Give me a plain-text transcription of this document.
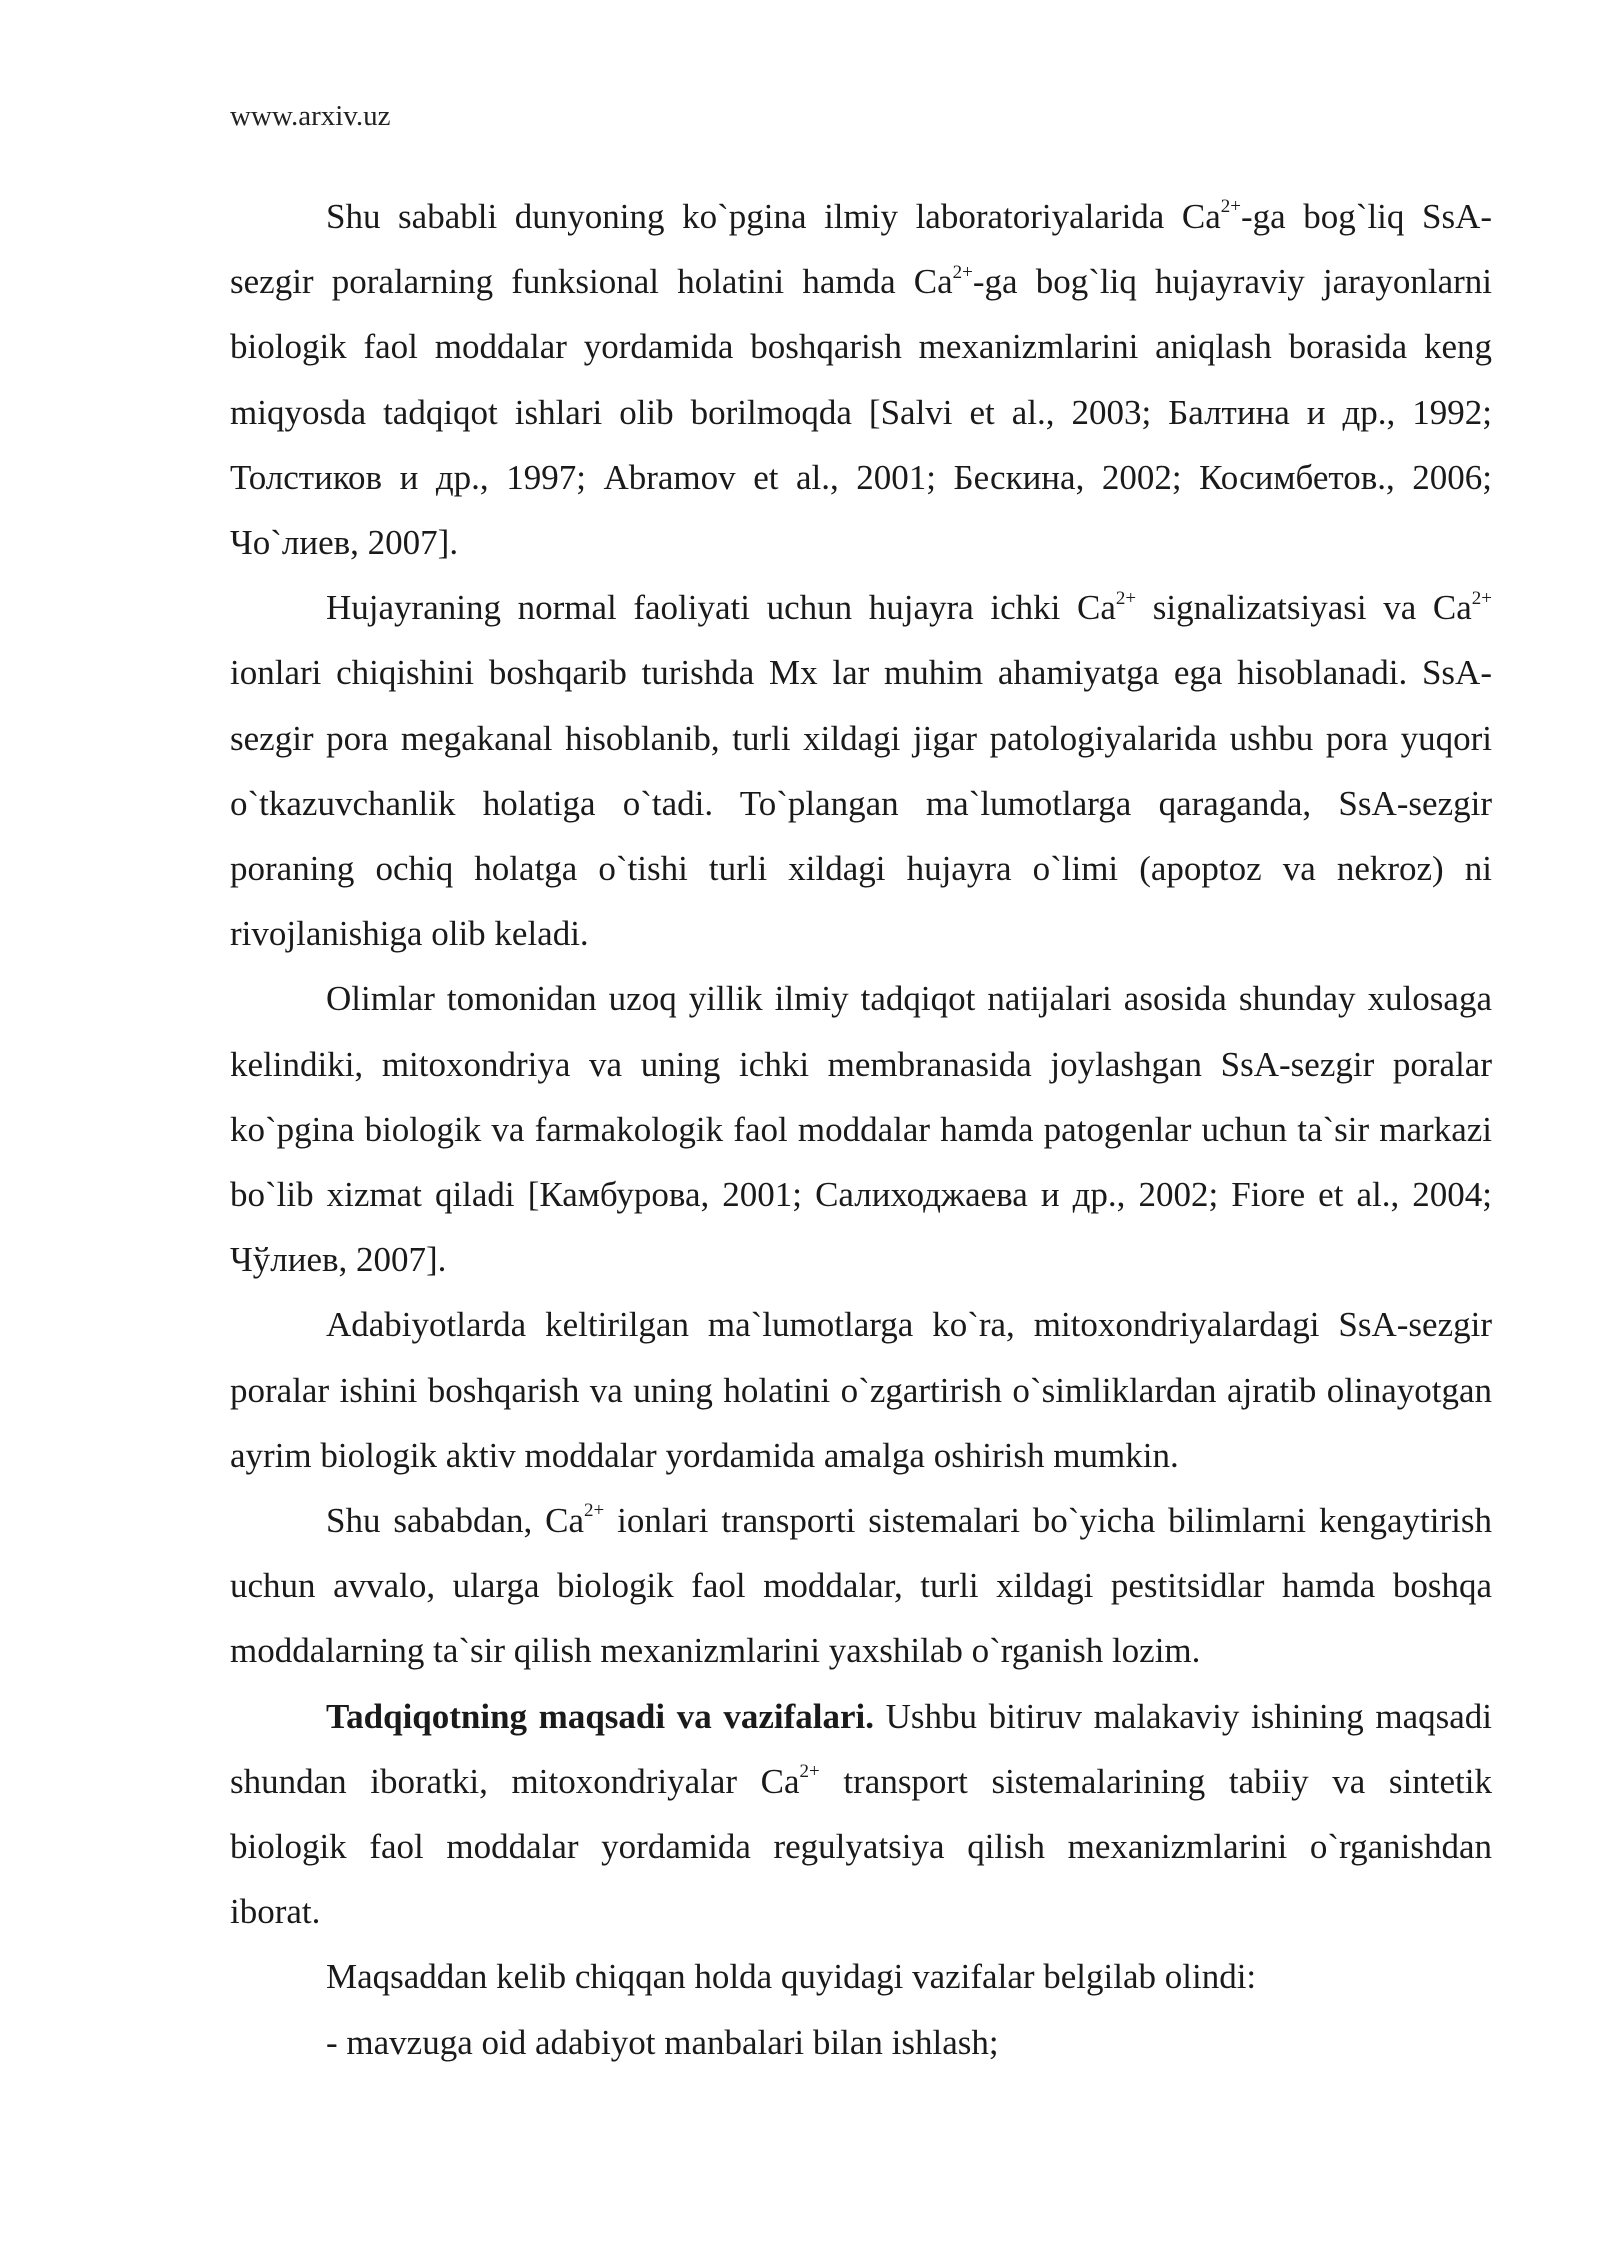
www.arxiv.uz

Shu sababli dunyoning ko`pgina ilmiy laboratoriyalarida $Ca^{2+}-ga$ bog`liq SsA-sezgir poralarning funksional holatini hamda $Ca^{2+}-ga$ bog`liq hujayraviy jarayonlarni biologik faol moddalar yordamida boshqarish mexanizmlarini aniqlash borasida keng miqyosda tadqiqot ishlari olib borilmoqda [Salvi et al., 2003; Балтина и др., 1992; Толстиков и др., 1997; Abramov et al., 2001; Бескина, 2002; Косимбетов., 2006; Чо`лиев, 2007].

Hujayraning normal faoliyati uchun hujayra ichki $Ca^{2+}$ signalizatsiyasi va $Ca^{2+}$ ionlari chiqishini boshqarib turishda Mx lar muhim ahamiyatga ega hisoblanadi. SsA-sezgir pora megakanal hisoblanib, turli xildagi jigar patologiyalarida ushbu pora yuqori o`tkazuvchanlik holatiga o`tadi. To`plangan ma`lumotlarga qaraganda, SsA-sezgir poraning ochiq holatga o`tishi turli xildagi hujayra o`limi (apoptoz va nekroz) ni rivojlanishiga olib keladi.

Olimlar tomonidan uzoq yillik ilmiy tadqiqot natijalari asosida shunday xulosaga kelindiki, mitoxondriya va uning ichki membranasida joylashgan SsA-sezgir poralar ko`pgina biologik va farmakologik faol moddalar hamda patogenlar uchun ta`sir markazi bo`lib xizmat qiladi [Камбурова, 2001; Салиходжаева и др., 2002; Fiore et al., 2004; Чўлиев, 2007].

Adabiyotlarda keltirilgan ma`lumotlarga ko`ra, mitoxondriyalardagi SsA-sezgir poralar ishini boshqarish va uning holatini o`zgartirish o`simliklardan ajratib olinayotgan ayrim biologik aktiv moddalar yordamida amalga oshirish mumkin.

Shu sababdan, $Ca^{2+}$ ionlari transporti sistemalari bo`yicha bilimlarni kengaytirish uchun avvalo, ularga biologik faol moddalar, turli xildagi pestitsidlar hamda boshqa moddalarning ta`sir qilish mexanizmlarini yaxshilab o`rganish lozim.

Tadqiqotning maqsadi va vazifalari. Ushbu bitiruv malakaviy ishining maqsadi shundan iboratki, mitoxondriyalar $Ca^{2+}$ transport sistemalarining tabiiy va sintetik biologik faol moddalar yordamida regulyatsiya qilish mexanizmlarini o`rganishdan iborat.

Maqsaddan kelib chiqqan holda quyidagi vazifalar belgilab olindi:

- mavzuga oid adabiyot manbalari bilan ishlash;
